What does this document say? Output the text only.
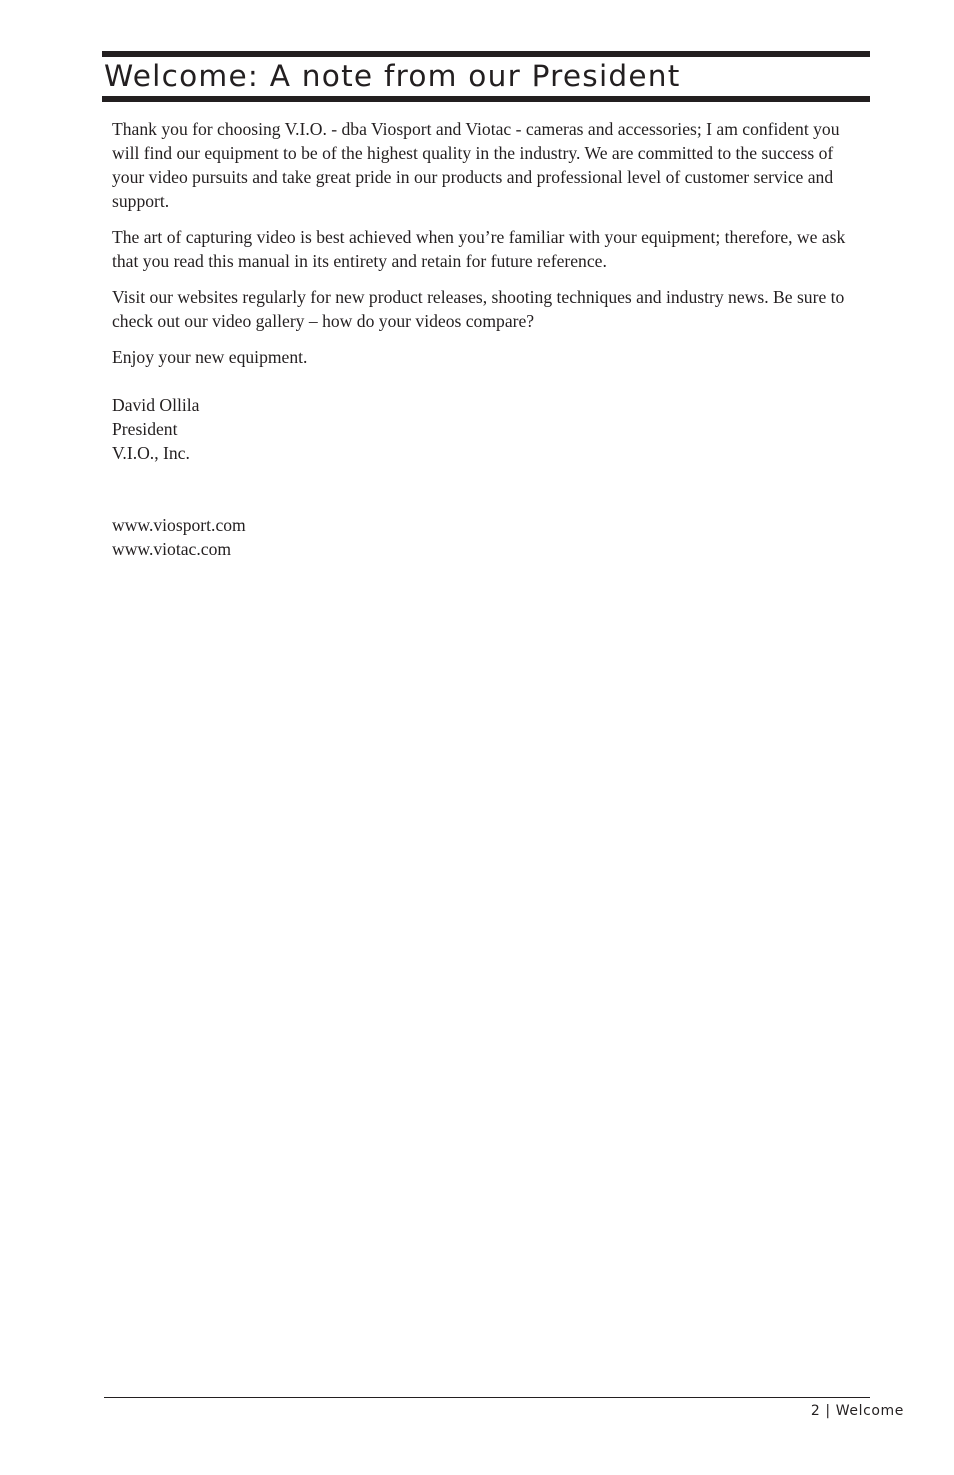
Welcome: A note from our President

Thank you for choosing V.I.O. - dba Viosport and Viotac - cameras and accessories; I am confident you will find our equipment to be of the highest quality in the industry. We are committed to the success of your video pursuits and take great pride in our products and professional level of customer service and support.

The art of capturing video is best achieved when you’re familiar with your equipment; therefore, we ask that you read this manual in its entirety and retain for future reference.

Visit our websites regularly for new product releases, shooting techniques and industry news. Be sure to check out our video gallery – how do your videos compare?

Enjoy your new equipment.

David Ollila
President
V.I.O., Inc.
www.viosport.com
www.viotac.com
2 | Welcome
